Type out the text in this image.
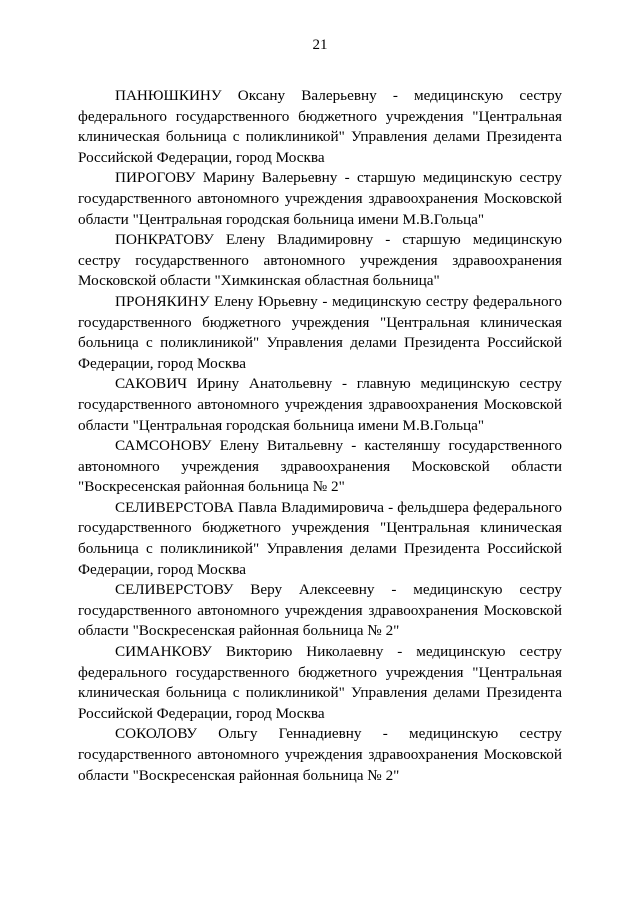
21

ПАНЮШКИНУ Оксану Валерьевну - медицинскую сестру федерального государственного бюджетного учреждения "Центральная клиническая больница с поликлиникой" Управления делами Президента Российской Федерации, город Москва

ПИРОГОВУ Марину Валерьевну - старшую медицинскую сестру государственного автономного учреждения здравоохранения Московской области "Центральная городская больница имени М.В.Гольца"

ПОНКРАТОВУ Елену Владимировну - старшую медицинскую сестру государственного автономного учреждения здравоохранения Московской области "Химкинская областная больница"

ПРОНЯКИНУ Елену Юрьевну - медицинскую сестру федерального государственного бюджетного учреждения "Центральная клиническая больница с поликлиникой" Управления делами Президента Российской Федерации, город Москва

САКОВИЧ Ирину Анатольевну - главную медицинскую сестру государственного автономного учреждения здравоохранения Московской области "Центральная городская больница имени М.В.Гольца"

САМСОНОВУ Елену Витальевну - кастеляншу государственного автономного учреждения здравоохранения Московской области "Воскресенская районная больница № 2"

СЕЛИВЕРСТОВА Павла Владимировича - фельдшера федерального государственного бюджетного учреждения "Центральная клиническая больница с поликлиникой" Управления делами Президента Российской Федерации, город Москва

СЕЛИВЕРСТОВУ Веру Алексеевну - медицинскую сестру государственного автономного учреждения здравоохранения Московской области "Воскресенская районная больница № 2"

СИМАНКОВУ Викторию Николаевну - медицинскую сестру федерального государственного бюджетного учреждения "Центральная клиническая больница с поликлиникой" Управления делами Президента Российской Федерации, город Москва

СОКОЛОВУ Ольгу Геннадиевну - медицинскую сестру государственного автономного учреждения здравоохранения Московской области "Воскресенская районная больница № 2"
